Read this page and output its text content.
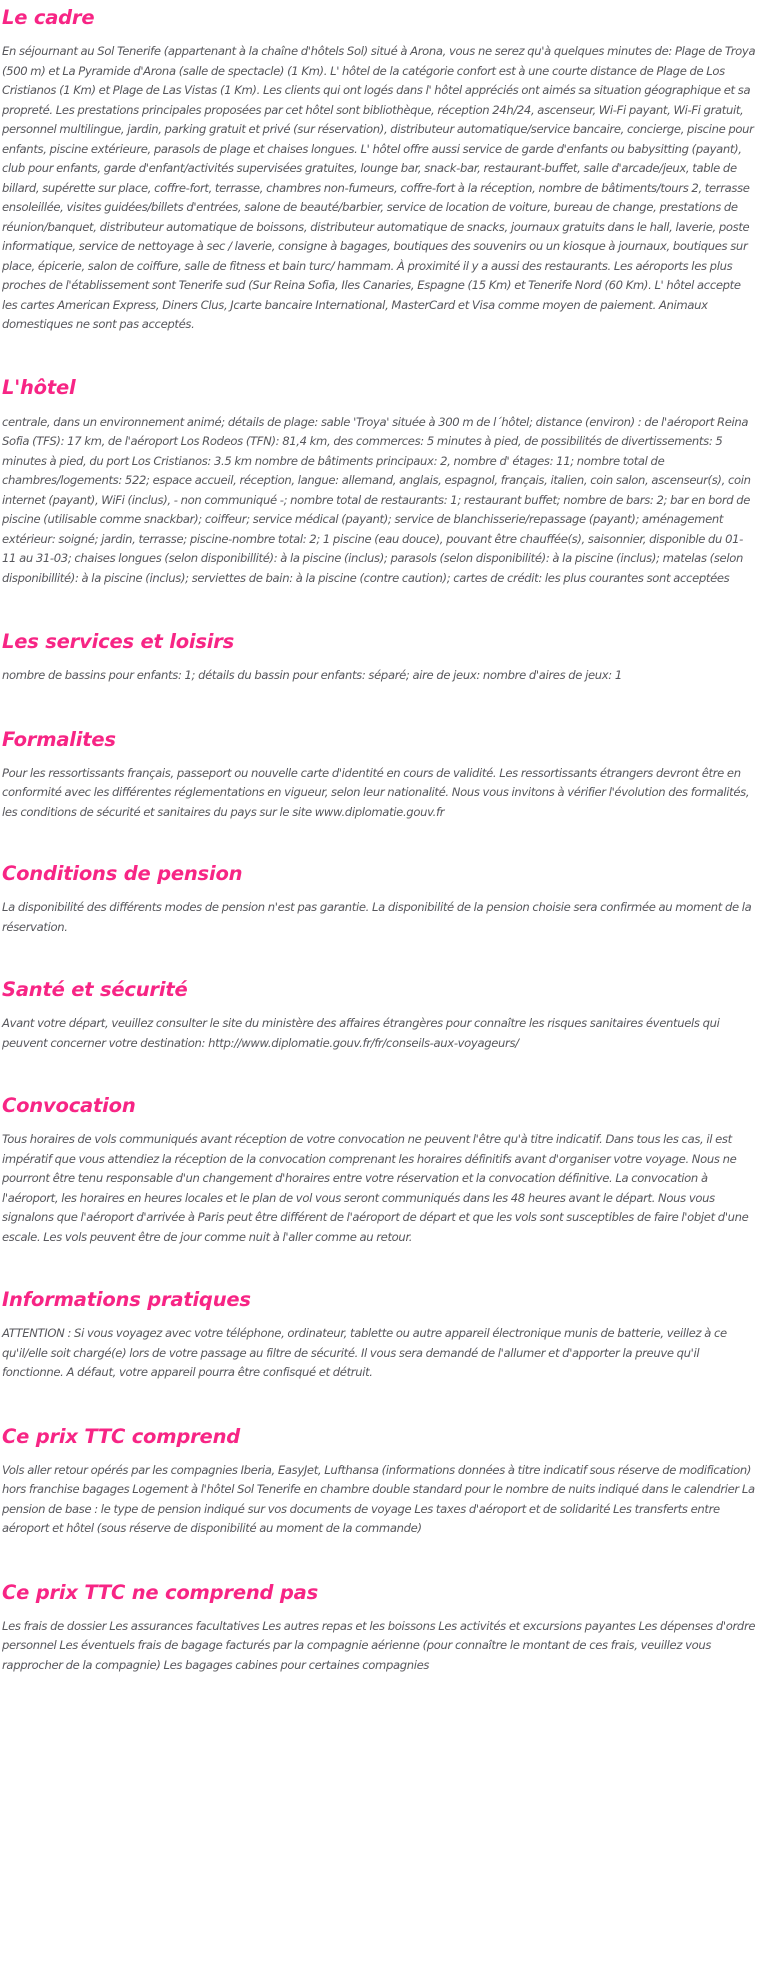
Le cadre

En séjournant au Sol Tenerife (appartenant à la chaîne d'hôtels Sol) situé à Arona, vous ne serez qu'à quelques minutes de: Plage de Troya (500 m) et La Pyramide d'Arona (salle de spectacle) (1 Km). L' hôtel de la catégorie confort est à une courte distance de Plage de Los Cristianos (1 Km) et Plage de Las Vistas (1 Km). Les clients qui ont logés dans l' hôtel appréciés ont aimés sa situation géographique et sa propreté. Les prestations principales proposées par cet hôtel sont bibliothèque, réception 24h/24, ascenseur, Wi-Fi payant, Wi-Fi gratuit, personnel multilingue, jardin, parking gratuit et privé (sur réservation), distributeur automatique/service bancaire, concierge, piscine pour enfants, piscine extérieure, parasols de plage et chaises longues. L' hôtel offre aussi service de garde d'enfants ou babysitting (payant), club pour enfants, garde d'enfant/activités supervisées gratuites, lounge bar, snack-bar, restaurant-buffet, salle d'arcade/jeux, table de billard, supérette sur place, coffre-fort, terrasse, chambres non-fumeurs, coffre-fort à la réception, nombre de bâtiments/tours 2, terrasse ensoleillée, visites guidées/billets d'entrées, salone de beauté/barbier, service de location de voiture, bureau de change, prestations de réunion/banquet, distributeur automatique de boissons, distributeur automatique de snacks, journaux gratuits dans le hall, laverie, poste informatique, service de nettoyage à sec / laverie, consigne à bagages, boutiques des souvenirs ou un kiosque à journaux, boutiques sur place, épicerie, salon de coiffure, salle de fitness et bain turc/ hammam. À proximité il y a aussi des restaurants. Les aéroports les plus proches de l'établissement sont Tenerife sud (Sur Reina Sofia, Iles Canaries, Espagne (15 Km) et Tenerife Nord (60 Km). L' hôtel accepte les cartes American Express, Diners Clus, Jcarte bancaire International, MasterCard et Visa comme moyen de paiement. Animaux domestiques ne sont pas acceptés.

L'hôtel

centrale, dans un environnement animé; détails de plage: sable 'Troya' située à 300 m de l´hôtel; distance (environ) : de l'aéroport Reina Sofia (TFS): 17 km, de l'aéroport Los Rodeos (TFN): 81,4 km, des commerces: 5 minutes à pied, de possibilités de divertissements: 5 minutes à pied, du port Los Cristianos: 3.5 km nombre de bâtiments principaux: 2, nombre d' étages: 11; nombre total de chambres/logements: 522; espace accueil, réception, langue: allemand, anglais, espagnol, français, italien, coin salon, ascenseur(s), coin internet (payant), WiFi (inclus), - non communiqué -; nombre total de restaurants: 1; restaurant buffet; nombre de bars: 2; bar en bord de piscine (utilisable comme snackbar); coiffeur; service médical (payant); service de blanchisserie/repassage (payant); aménagement extérieur: soigné; jardin, terrasse; piscine-nombre total: 2; 1 piscine (eau douce), pouvant être chauffée(s), saisonnier, disponible du 01-11 au 31-03; chaises longues (selon disponibillité): à la piscine (inclus); parasols (selon disponibilité): à la piscine (inclus); matelas (selon disponibillité): à la piscine (inclus); serviettes de bain: à la piscine (contre caution); cartes de crédit: les plus courantes sont acceptées

Les services et loisirs

nombre de bassins pour enfants: 1; détails du bassin pour enfants: séparé; aire de jeux: nombre d'aires de jeux: 1

Formalites

Pour les ressortissants français, passeport ou nouvelle carte d'identité en cours de validité. Les ressortissants étrangers devront être en conformité avec les différentes réglementations en vigueur, selon leur nationalité. Nous vous invitons à vérifier l'évolution des formalités, les conditions de sécurité et sanitaires du pays sur le site www.diplomatie.gouv.fr

Conditions de pension

La disponibilité des différents modes de pension n'est pas garantie. La disponibilité de la pension choisie sera confirmée au moment de la réservation.

Santé et sécurité

Avant votre départ, veuillez consulter le site du ministère des affaires étrangères pour connaître les risques sanitaires éventuels qui peuvent concerner votre destination: http://www.diplomatie.gouv.fr/fr/conseils-aux-voyageurs/

Convocation

Tous horaires de vols communiqués avant réception de votre convocation ne peuvent l'être qu'à titre indicatif. Dans tous les cas, il est impératif que vous attendiez la réception de la convocation comprenant les horaires définitifs avant d'organiser votre voyage. Nous ne pourront être tenu responsable d'un changement d'horaires entre votre réservation et la convocation définitive. La convocation à l'aéroport, les horaires en heures locales et le plan de vol vous seront communiqués dans les 48 heures avant le départ. Nous vous signalons que l'aéroport d'arrivée à Paris peut être différent de l'aéroport de départ et que les vols sont susceptibles de faire l'objet d'une escale. Les vols peuvent être de jour comme nuit à l'aller comme au retour.

Informations pratiques

ATTENTION : Si vous voyagez avec votre téléphone, ordinateur, tablette ou autre appareil électronique munis de batterie, veillez à ce qu'il/elle soit chargé(e) lors de votre passage au filtre de sécurité. Il vous sera demandé de l'allumer et d'apporter la preuve qu'il fonctionne. A défaut, votre appareil pourra être confisqué et détruit.

Ce prix TTC comprend

Vols aller retour opérés par les compagnies Iberia, EasyJet, Lufthansa (informations données à titre indicatif sous réserve de modification) hors franchise bagages Logement à l'hôtel Sol Tenerife en chambre double standard pour le nombre de nuits indiqué dans le calendrier La pension de base : le type de pension indiqué sur vos documents de voyage Les taxes d'aéroport et de solidarité Les transferts entre aéroport et hôtel (sous réserve de disponibilité au moment de la commande)

Ce prix TTC ne comprend pas

Les frais de dossier Les assurances facultatives Les autres repas et les boissons Les activités et excursions payantes Les dépenses d'ordre personnel Les éventuels frais de bagage facturés par la compagnie aérienne (pour connaître le montant de ces frais, veuillez vous rapprocher de la compagnie) Les bagages cabines pour certaines compagnies
